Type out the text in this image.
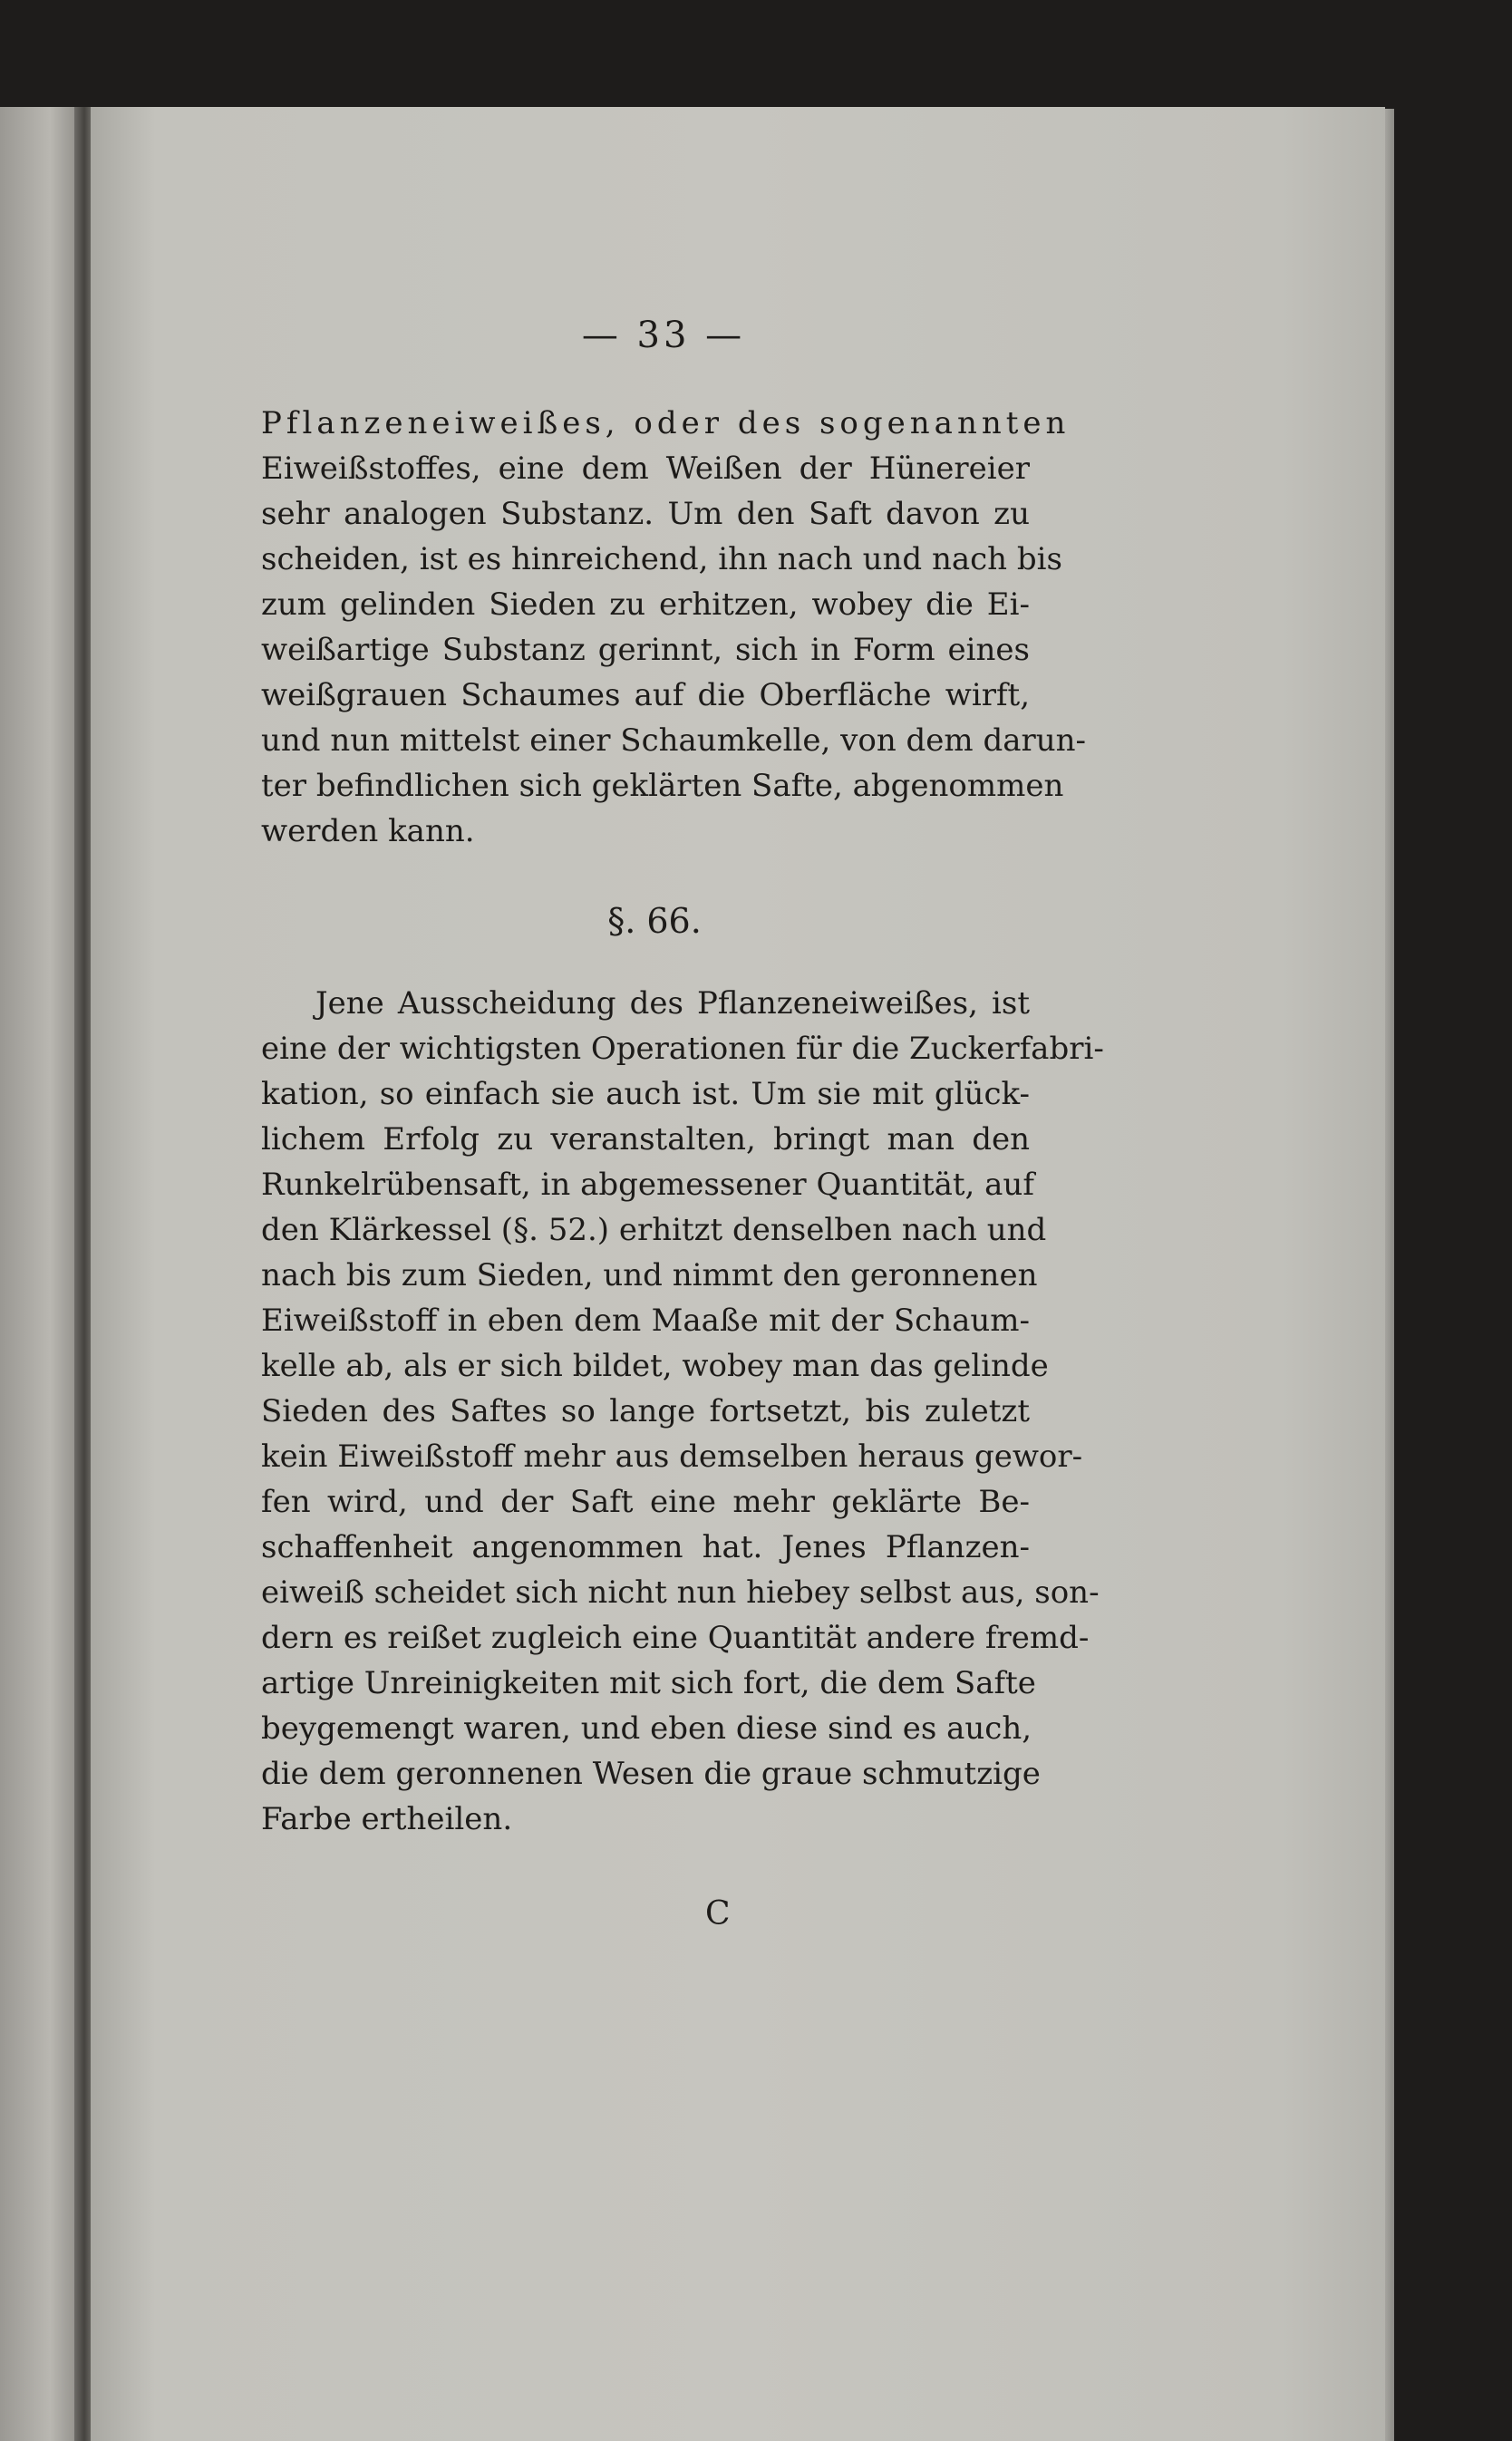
— 33 —
Pflanzeneiweißes, oder des sogenannten
Eiweißstoffes, eine dem Weißen der Hünereier
sehr analogen Substanz. Um den Saft davon zu
scheiden, ist es hinreichend, ihn nach und nach bis
zum gelinden Sieden zu erhitzen, wobey die Ei-
weißartige Substanz gerinnt, sich in Form eines
weißgrauen Schaumes auf die Oberfläche wirft,
und nun mittelst einer Schaumkelle, von dem darun-
ter befindlichen sich geklärten Safte, abgenommen
werden kann.
§. 66.
Jene Ausscheidung des Pflanzeneiweißes, ist
eine der wichtigsten Operationen für die Zuckerfabri-
kation, so einfach sie auch ist. Um sie mit glück-
lichem Erfolg zu veranstalten, bringt man den
Runkelrübensaft, in abgemessener Quantität, auf
den Klärkessel (§. 52.) erhitzt denselben nach und
nach bis zum Sieden, und nimmt den geronnenen
Eiweißstoff in eben dem Maaße mit der Schaum-
kelle ab, als er sich bildet, wobey man das gelinde
Sieden des Saftes so lange fortsetzt, bis zuletzt
kein Eiweißstoff mehr aus demselben heraus gewor-
fen wird, und der Saft eine mehr geklärte Be-
schaffenheit angenommen hat. Jenes Pflanzen-
eiweiß scheidet sich nicht nun hiebey selbst aus, son-
dern es reißet zugleich eine Quantität andere fremd-
artige Unreinigkeiten mit sich fort, die dem Safte
beygemengt waren, und eben diese sind es auch,
die dem geronnenen Wesen die graue schmutzige
Farbe ertheilen.
C
